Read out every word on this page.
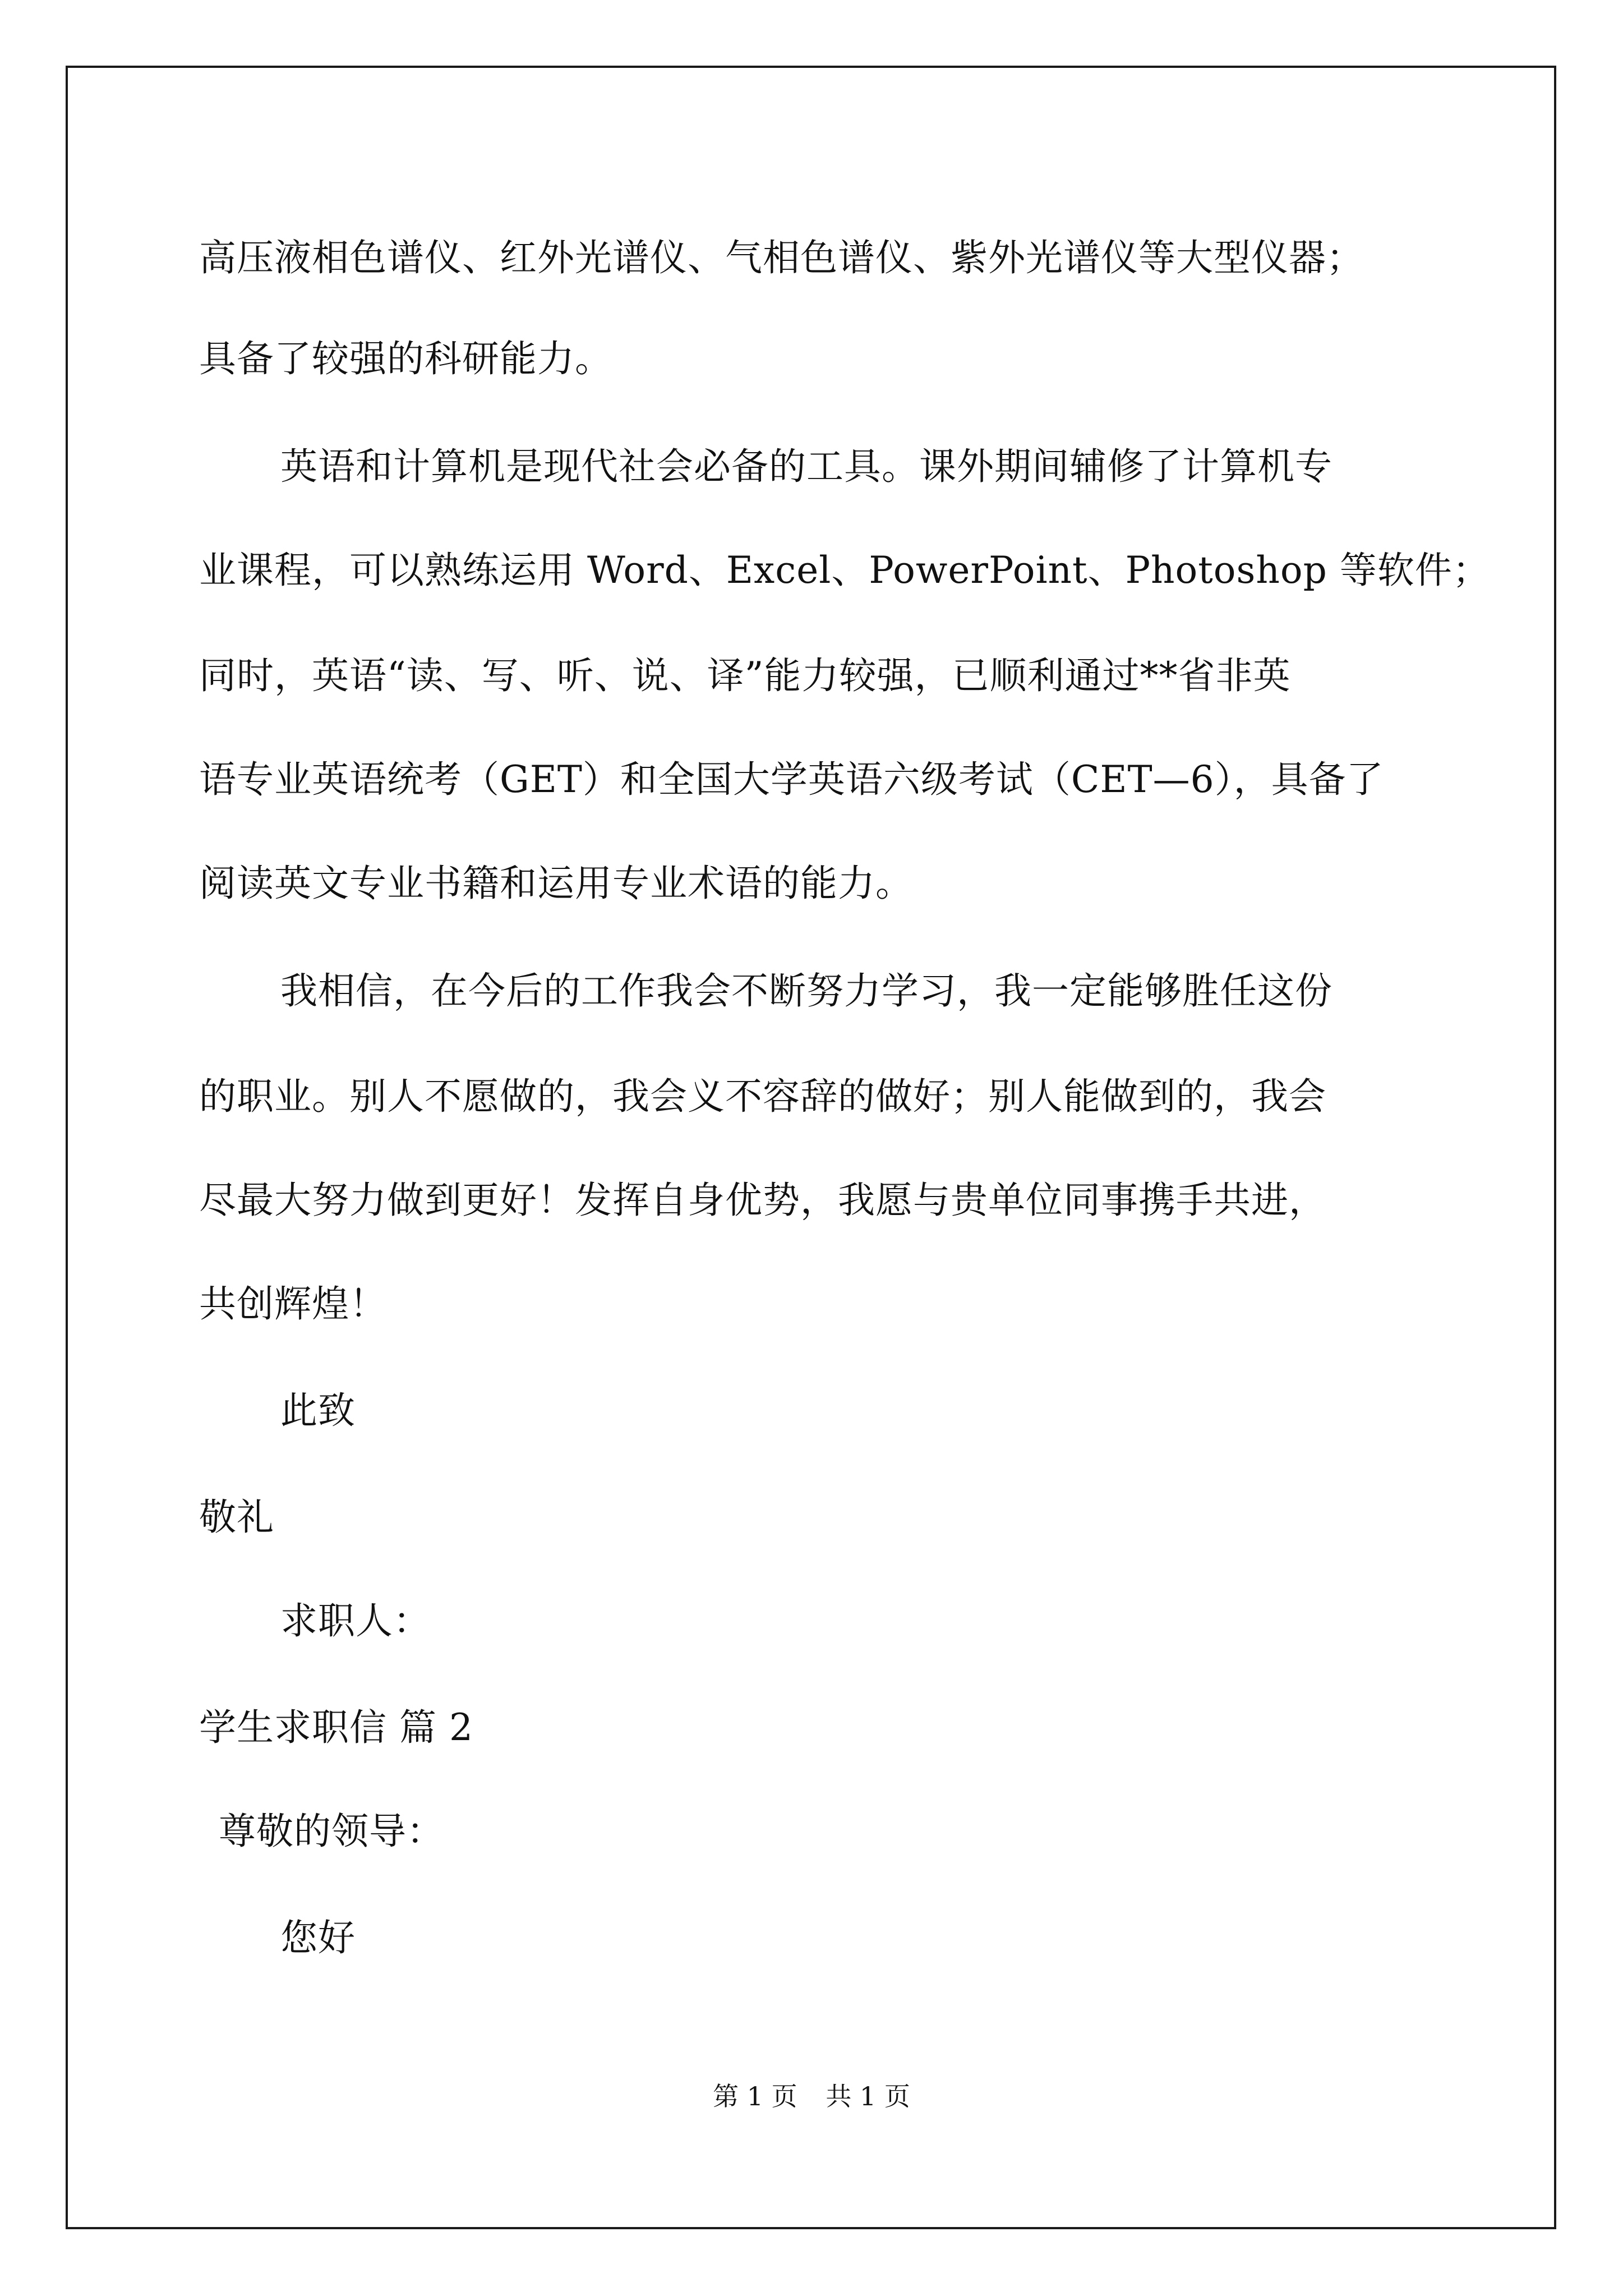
高压液相色谱仪、红外光谱仪、气相色谱仪、紫外光谱仪等大型仪器；
具备了较强的科研能力。
英语和计算机是现代社会必备的工具。课外期间辅修了计算机专
业课程，可以熟练运用 Word、Excel、PowerPoint、Photoshop 等软件；
同时，英语“读、写、听、说、译”能力较强，已顺利通过**省非英
语专业英语统考（GET）和全国大学英语六级考试（CET—6），具备了
阅读英文专业书籍和运用专业术语的能力。
我相信，在今后的工作我会不断努力学习，我一定能够胜任这份
的职业。别人不愿做的，我会义不容辞的做好；别人能做到的，我会
尽最大努力做到更好！发挥自身优势，我愿与贵单位同事携手共进，
共创辉煌！
此致
敬礼
求职人：
学生求职信 篇 2
尊敬的领导：
您好
第 1 页 共 1 页
